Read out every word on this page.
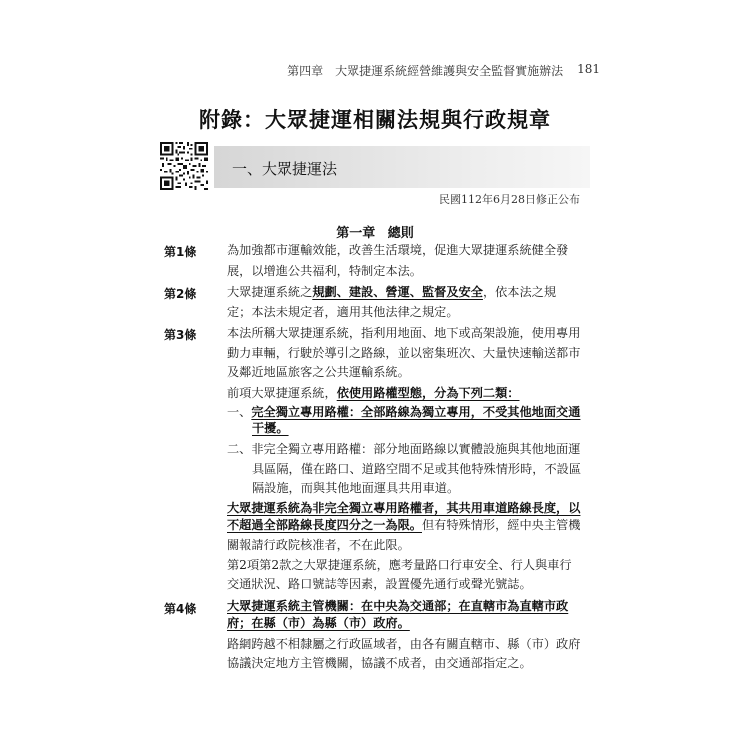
第四章　大眾捷運系統經營維護與安全監督實施辦法 181
附錄：大眾捷運相關法規與行政規章
一、大眾捷運法
民國112年6月28日修正公布
第一章 總則
第1條	為加強都市運輸效能，改善生活環境，促進大眾捷運系統健全發
展，以增進公共福利，特制定本法。
第2條	大眾捷運系統之規劃、建設、營運、監督及安全，依本法之規
定；本法未規定者，適用其他法律之規定。
第3條	本法所稱大眾捷運系統，指利用地面、地下或高架設施，使用專用
動力車輛，行駛於導引之路線，並以密集班次、大量快速輸送都市
及鄰近地區旅客之公共運輸系統。
前項大眾捷運系統，依使用路權型態，分為下列二類：
一、完全獨立專用路權：全部路線為獨立專用，不受其他地面交通
干擾。
二、非完全獨立專用路權：部分地面路線以實體設施與其他地面運
具區隔，僅在路口、道路空間不足或其他特殊情形時，不設區
隔設施，而與其他地面運具共用車道。
大眾捷運系統為非完全獨立專用路權者，其共用車道路線長度，以
不超過全部路線長度四分之一為限。但有特殊情形，經中央主管機
關報請行政院核准者，不在此限。
第2項第2款之大眾捷運系統，應考量路口行車安全、行人與車行
交通狀況、路口號誌等因素，設置優先通行或聲光號誌。
第4條	大眾捷運系統主管機關：在中央為交通部；在直轄市為直轄市政
府；在縣（市）為縣（市）政府。
路網跨越不相隸屬之行政區域者，由各有關直轄市、縣（市）政府
協議決定地方主管機關，協議不成者，由交通部指定之。
